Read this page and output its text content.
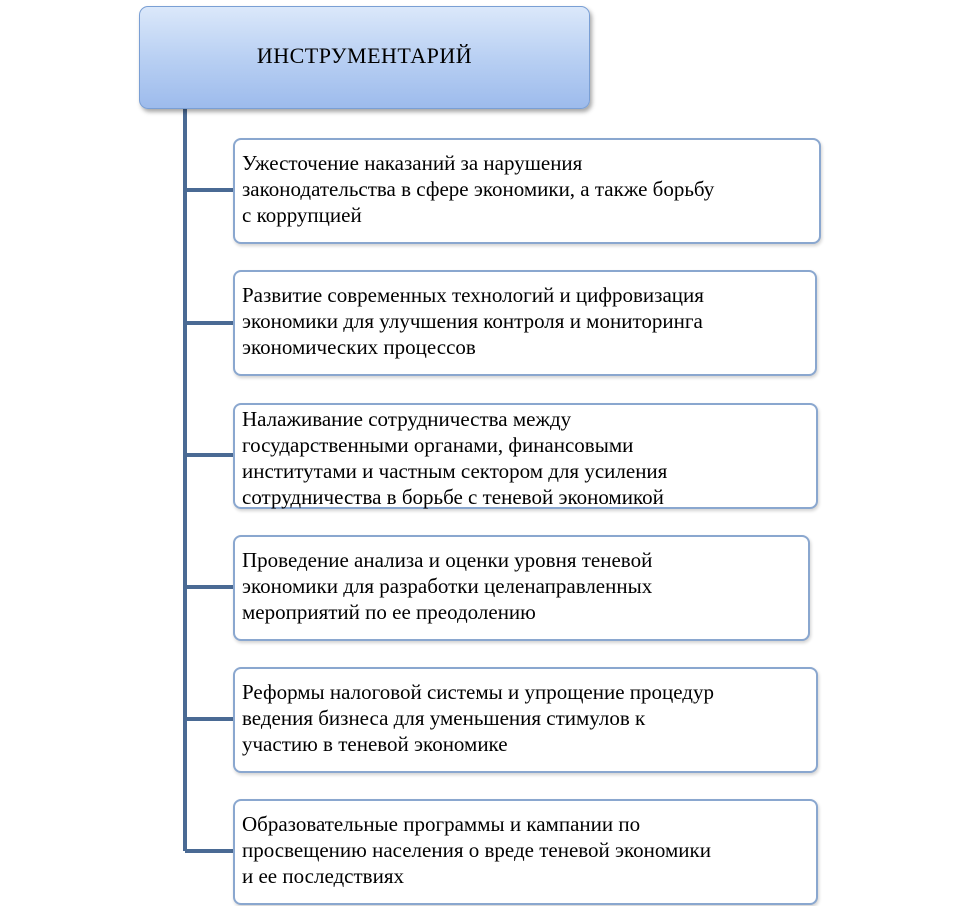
ИНСТРУМЕНТАРИЙ
Ужесточение наказаний за нарушения
законодательства в сфере экономики, а также борьбу
с коррупцией
Развитие современных технологий и цифровизация
экономики для улучшения контроля и мониторинга
экономических процессов
Налаживание сотрудничества между
государственными органами, финансовыми
институтами и частным сектором для усиления
сотрудничества в борьбе с теневой экономикой
Проведение анализа и оценки уровня теневой
экономики для разработки целенаправленных
мероприятий по ее преодолению
Реформы налоговой системы и упрощение процедур
ведения бизнеса для уменьшения стимулов к
участию в теневой экономике
Образовательные программы и кампании по
просвещению населения о вреде теневой экономики
и ее последствиях
